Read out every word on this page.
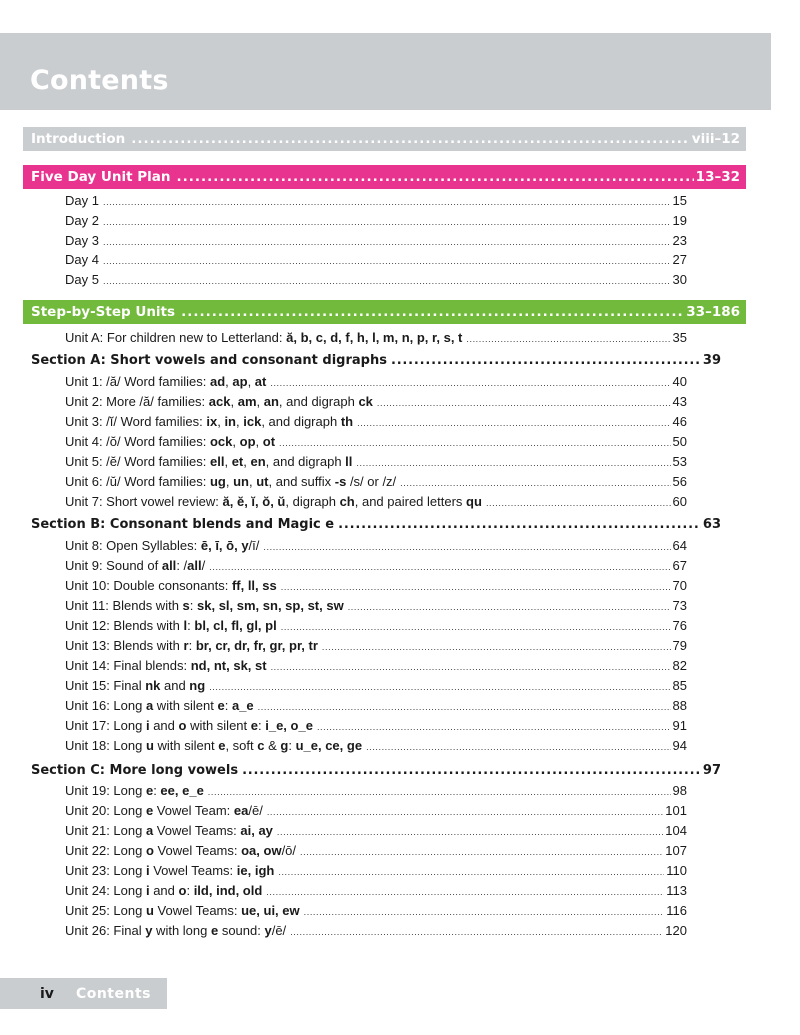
Contents
Introduction .....	viii–12
Five Day Unit Plan .....	13–32
Day 1 .....	15
Day 2 .....	19
Day 3 .....	23
Day 4 .....	27
Day 5 .....	30
Step-by-Step Units .....	33–186
Unit A: For children new to Letterland: ă, b, c, d, f, h, l, m, n, p, r, s, t .....	35
Section A: Short vowels and consonant digraphs .....	39
Unit 1: /ă/ Word families: ad, ap, at .....	40
Unit 2: More /ă/ families: ack, am, an, and digraph ck .....	43
Unit 3: /ĭ/ Word families: ix, in, ick, and digraph th .....	46
Unit 4: /ŏ/ Word families: ock, op, ot .....	50
Unit 5: /ĕ/ Word families: ell, et, en, and digraph ll .....	53
Unit 6: /ŭ/ Word families: ug, un, ut, and suffix -s /s/ or /z/ .....	56
Unit 7: Short vowel review: ă, ĕ, ĭ, ŏ, ŭ, digraph ch, and paired letters qu .....	60
Section B: Consonant blends and Magic e .....	63
Unit 8: Open Syllables: ē, ī, ō, y/ī/ .....	64
Unit 9: Sound of all: /all/ .....	67
Unit 10: Double consonants: ff, ll, ss .....	70
Unit 11: Blends with s: sk, sl, sm, sn, sp, st, sw .....	73
Unit 12: Blends with l: bl, cl, fl, gl, pl .....	76
Unit 13: Blends with r: br, cr, dr, fr, gr, pr, tr .....	79
Unit 14: Final blends: nd, nt, sk, st .....	82
Unit 15: Final nk and ng .....	85
Unit 16: Long a with silent e: a_e .....	88
Unit 17: Long i and o with silent e: i_e, o_e .....	91
Unit 18: Long u with silent e, soft c & g: u_e, ce, ge .....	94
Section C: More long vowels .....	97
Unit 19: Long e: ee, e_e .....	98
Unit 20: Long e Vowel Team: ea/ē/ .....	101
Unit 21: Long a Vowel Teams: ai, ay .....	104
Unit 22: Long o Vowel Teams: oa, ow/ō/ .....	107
Unit 23: Long i Vowel Teams: ie, igh .....	110
Unit 24: Long i and o: ild, ind, old .....	113
Unit 25: Long u Vowel Teams: ue, ui, ew .....	116
Unit 26: Final y with long e sound: y/ē/ .....	120
iv Contents
